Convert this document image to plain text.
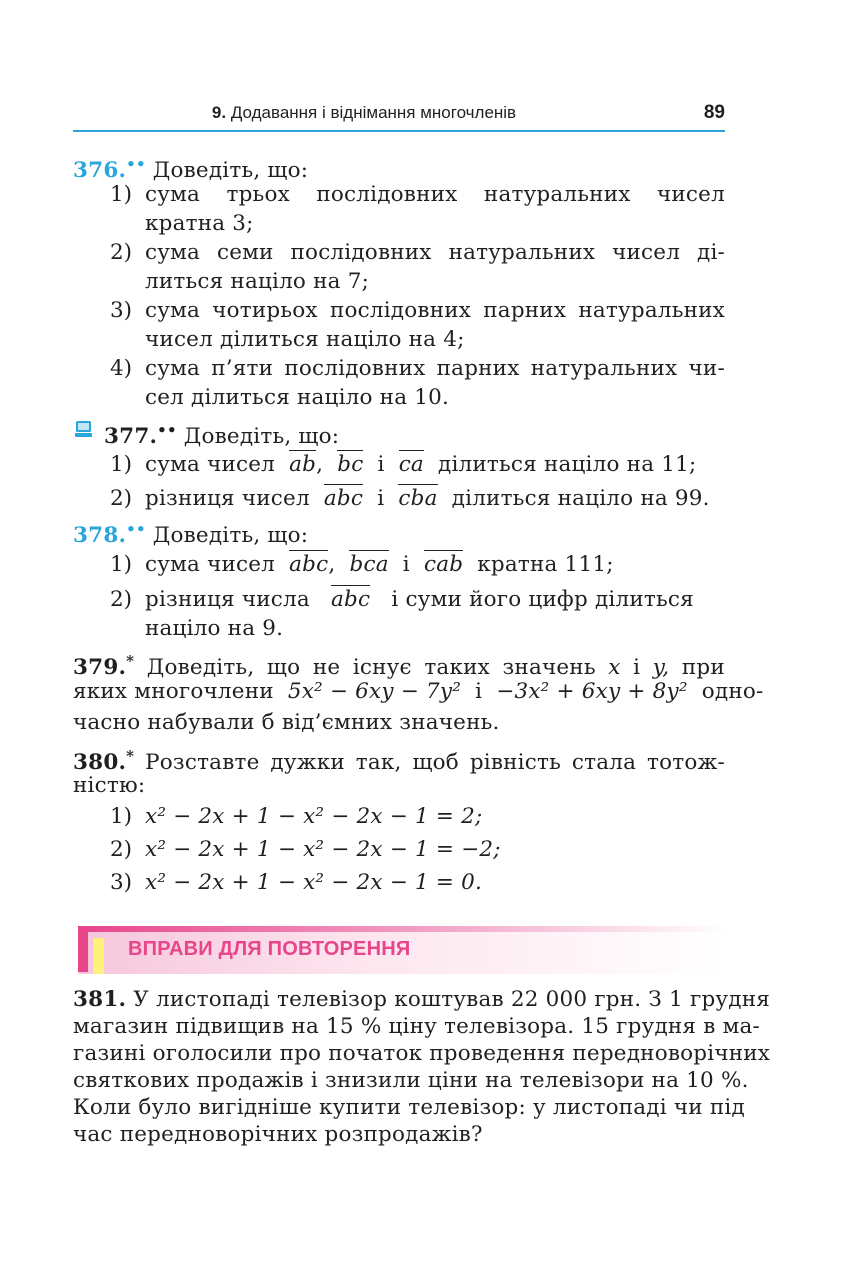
9. Додавання і віднімання многочленів	89
376.•• Доведіть, що:
1) сума трьох послідовних натуральних чисел
кратна 3;
2) сума семи послідовних натуральних чисел ді-
литься націло на 7;
3) сума чотирьох послідовних парних натуральних
чисел ділиться націло на 4;
4) сума п’яти послідовних парних натуральних чи-
сел ділиться націло на 10.
377.•• Доведіть, що:
1) сума чисел ab, bc і ca ділиться націло на 11;
2) різниця чисел abc і cba ділиться націло на 99.
378.•• Доведіть, що:
1) сума чисел abc, bca і cab кратна 111;
2) різниця числа abc і суми його цифр ділиться
націло на 9.
379.* Доведіть, що не існує таких значень x і y, при
яких многочлени 5x² − 6xy − 7y² і −3x² + 6xy + 8y² одно-
часно набували б від’ємних значень.
380.* Розставте дужки так, щоб рівність стала тотож-
ністю:
1) x² − 2x + 1 − x² − 2x − 1 = 2;
2) x² − 2x + 1 − x² − 2x − 1 = −2;
3) x² − 2x + 1 − x² − 2x − 1 = 0.
ВПРАВИ ДЛЯ ПОВТОРЕННЯ
381. У листопаді телевізор коштував 22 000 грн. З 1 грудня
магазин підвищив на 15 % ціну телевізора. 15 грудня в ма-
газині оголосили про початок проведення передноворічних
святкових продажів і знизили ціни на телевізори на 10 %.
Коли було вигідніше купити телевізор: у листопаді чи під
час передноворічних розпродажів?
